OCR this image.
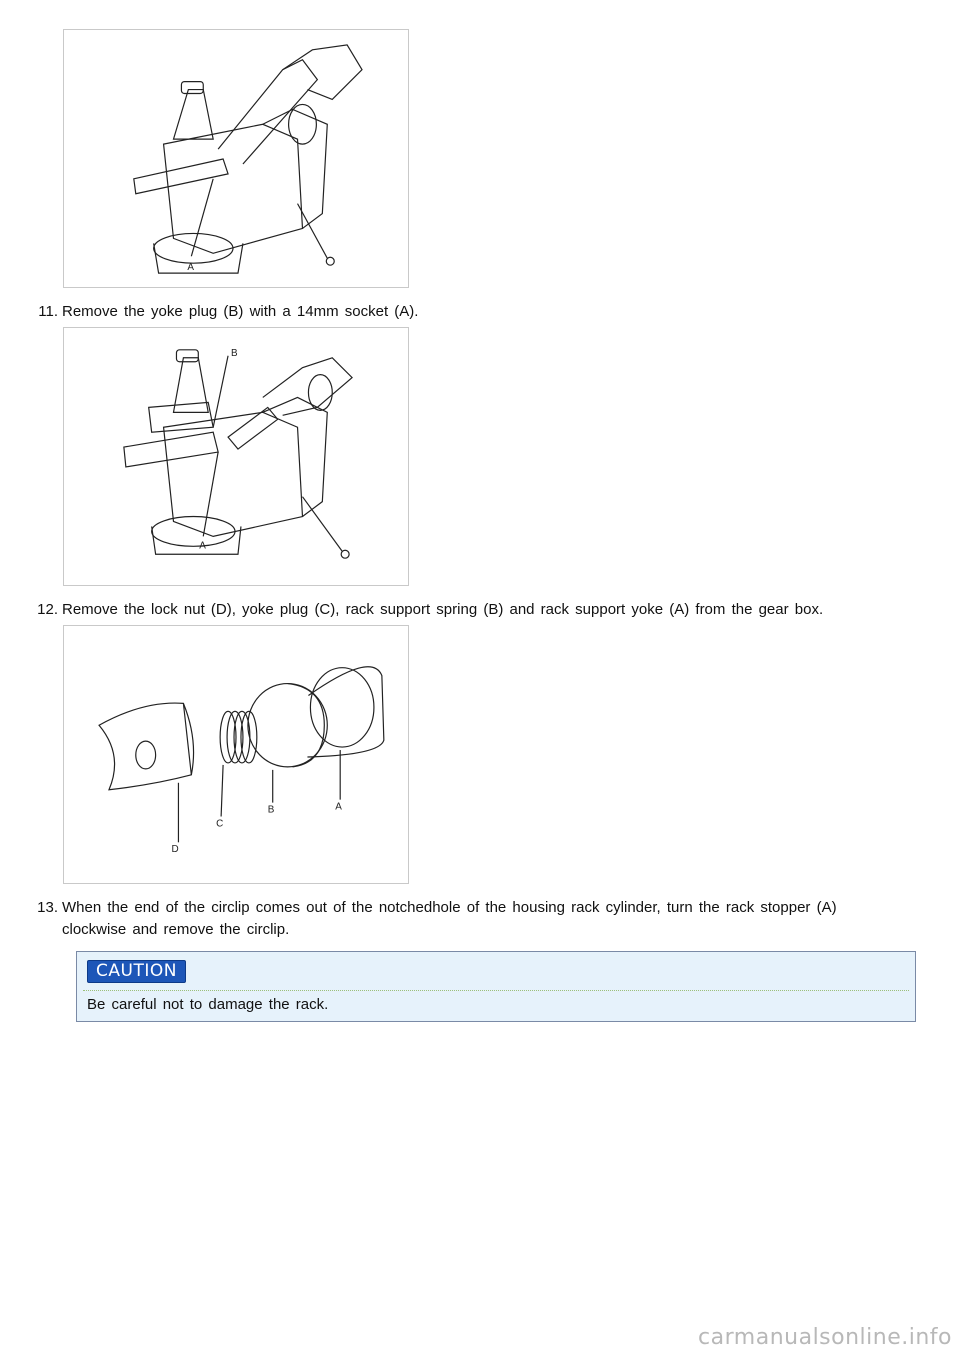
A
11. Remove the yoke plug (B) with a 14mm socket (A).
B
A
12. Remove the lock nut (D), yoke plug (C), rack support spring (B) and rack support yoke (A) from the gear box.
D
C
B	A
13. When the end of the circlip comes out of the notchedhole of the housing rack cylinder, turn the rack stopper (A)
clockwise and remove the circlip.
CAUTION
Be careful not to damage the rack.
carmanualsonline.info
